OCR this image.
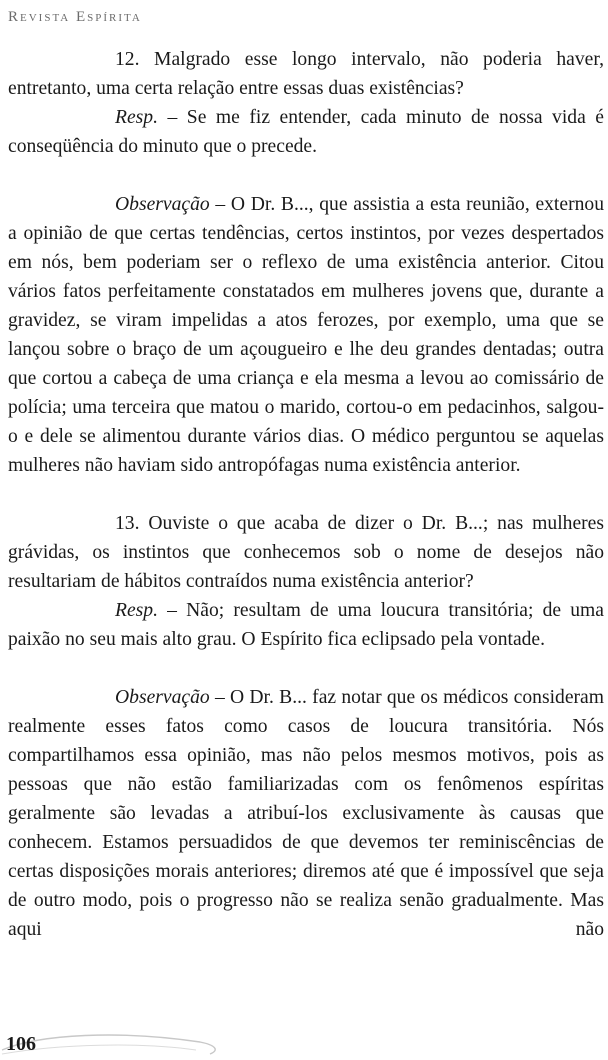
Revista Espírita

12. Malgrado esse longo intervalo, não poderia haver, entretanto, uma certa relação entre essas duas existências?

Resp. – Se me fiz entender, cada minuto de nossa vida é conseqüência do minuto que o precede.

Observação – O Dr. B..., que assistia a esta reunião, externou a opinião de que certas tendências, certos instintos, por vezes despertados em nós, bem poderiam ser o reflexo de uma existência anterior. Citou vários fatos perfeitamente constatados em mulheres jovens que, durante a gravidez, se viram impelidas a atos ferozes, por exemplo, uma que se lançou sobre o braço de um açougueiro e lhe deu grandes dentadas; outra que cortou a cabeça de uma criança e ela mesma a levou ao comissário de polícia; uma terceira que matou o marido, cortou-o em pedacinhos, salgou-o e dele se alimentou durante vários dias. O médico perguntou se aquelas mulheres não haviam sido antropófagas numa existência anterior.

13. Ouviste o que acaba de dizer o Dr. B...; nas mulheres grávidas, os instintos que conhecemos sob o nome de desejos não resultariam de hábitos contraídos numa existência anterior?

Resp. – Não; resultam de uma loucura transitória; de uma paixão no seu mais alto grau. O Espírito fica eclipsado pela vontade.

Observação – O Dr. B... faz notar que os médicos consideram realmente esses fatos como casos de loucura transitória. Nós compartilhamos essa opinião, mas não pelos mesmos motivos, pois as pessoas que não estão familiarizadas com os fenômenos espíritas geralmente são levadas a atribuí-los exclusivamente às causas que conhecem. Estamos persuadidos de que devemos ter reminiscências de certas disposições morais anteriores; diremos até que é impossível que seja de outro modo, pois o progresso não se realiza senão gradualmente. Mas aqui não

106
